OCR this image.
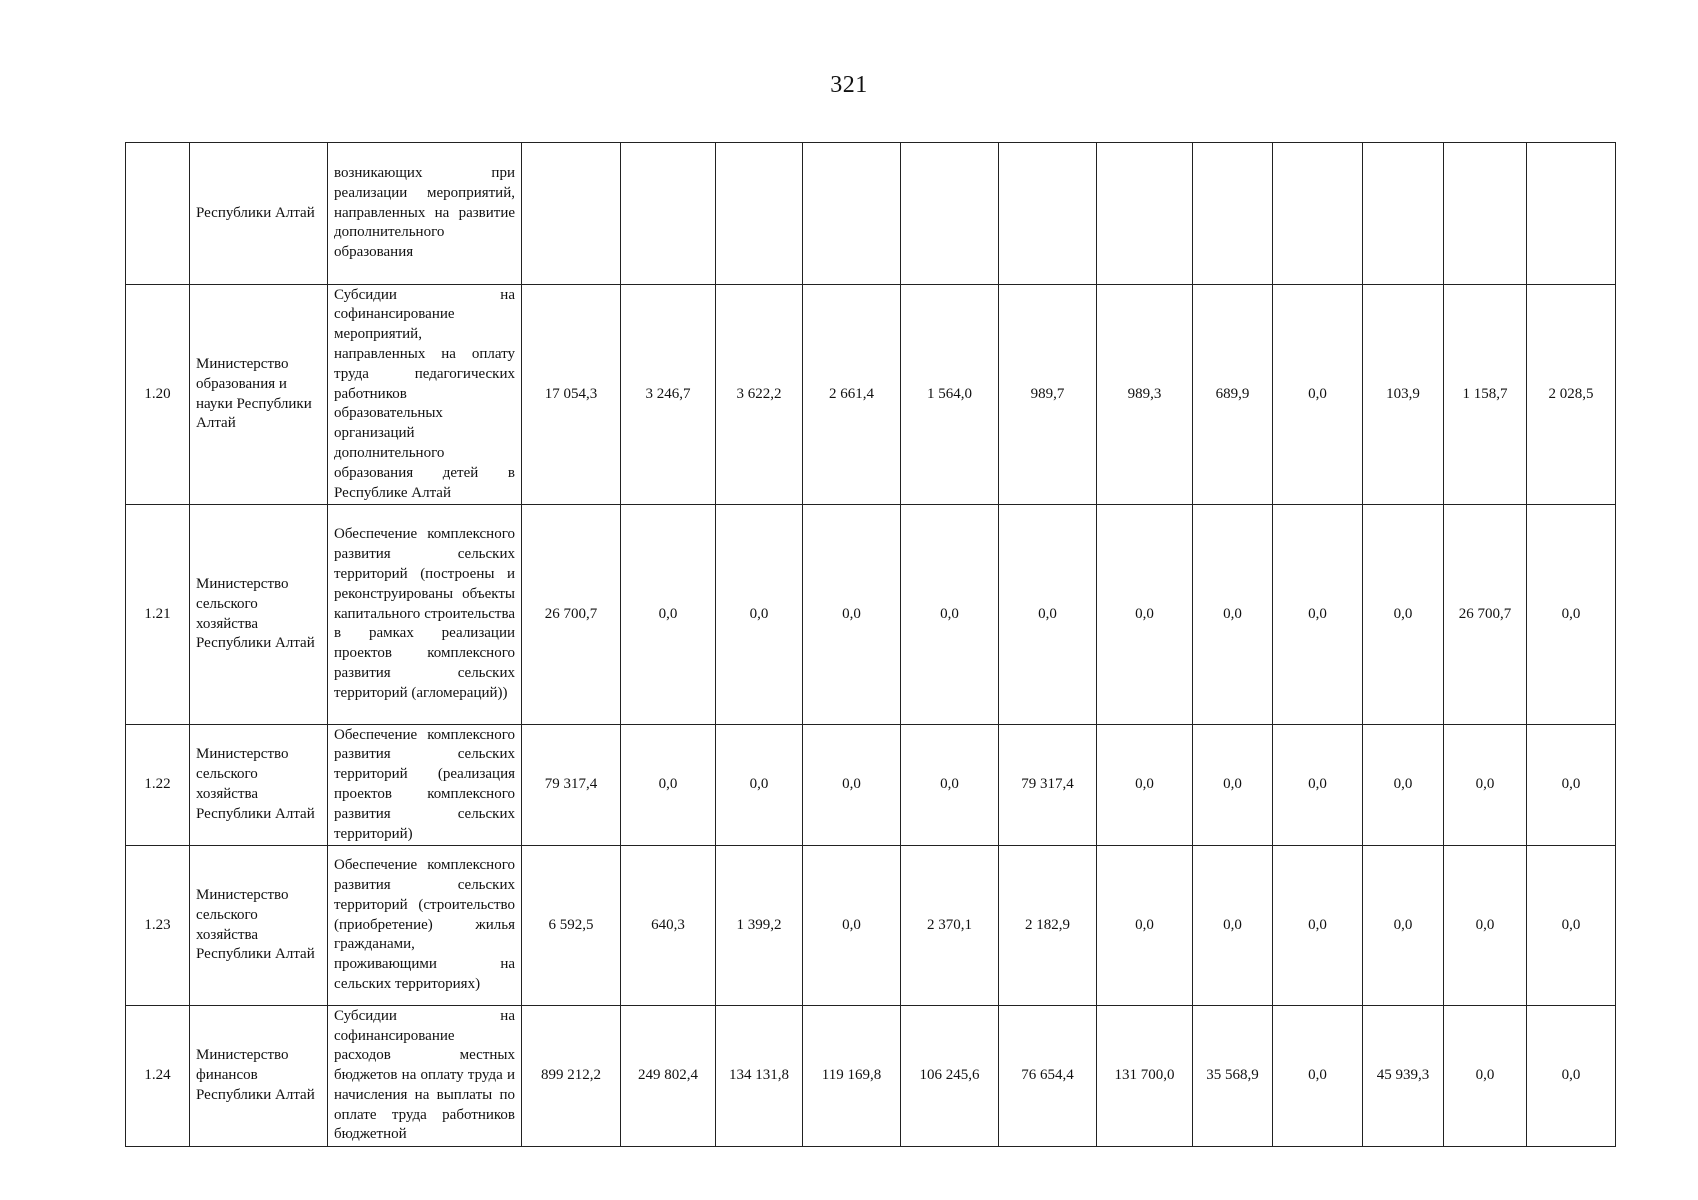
321
	Республики Алтай	возникающих при реализации мероприятий, направленных на развитие дополнительного образования												
1.20	Министерство образования и науки Республики Алтай	Субсидии на софинансирование мероприятий, направленных на оплату труда педагогических работников образовательных организаций дополнительного образования детей в Республике Алтай	17 054,3	3 246,7	3 622,2	2 661,4	1 564,0	989,7	989,3	689,9	0,0	103,9	1 158,7	2 028,5
1.21	Министерство сельского хозяйства Республики Алтай	Обеспечение комплексного развития сельских территорий (построены и реконструированы объекты капитального строительства в рамках реализации проектов комплексного развития сельских территорий (агломераций))	26 700,7	0,0	0,0	0,0	0,0	0,0	0,0	0,0	0,0	0,0	26 700,7	0,0
1.22	Министерство сельского хозяйства Республики Алтай	Обеспечение комплексного развития сельских территорий (реализация проектов комплексного развития сельских территорий)	79 317,4	0,0	0,0	0,0	0,0	79 317,4	0,0	0,0	0,0	0,0	0,0	0,0
1.23	Министерство сельского хозяйства Республики Алтай	Обеспечение комплексного развития сельских территорий (строительство (приобретение) жилья гражданами, проживающими на сельских территориях)	6 592,5	640,3	1 399,2	0,0	2 370,1	2 182,9	0,0	0,0	0,0	0,0	0,0	0,0
1.24	Министерство финансов Республики Алтай	Субсидии на софинансирование расходов местных бюджетов на оплату труда и начисления на выплаты по оплате труда работников бюджетной	899 212,2	249 802,4	134 131,8	119 169,8	106 245,6	76 654,4	131 700,0	35 568,9	0,0	45 939,3	0,0	0,0
